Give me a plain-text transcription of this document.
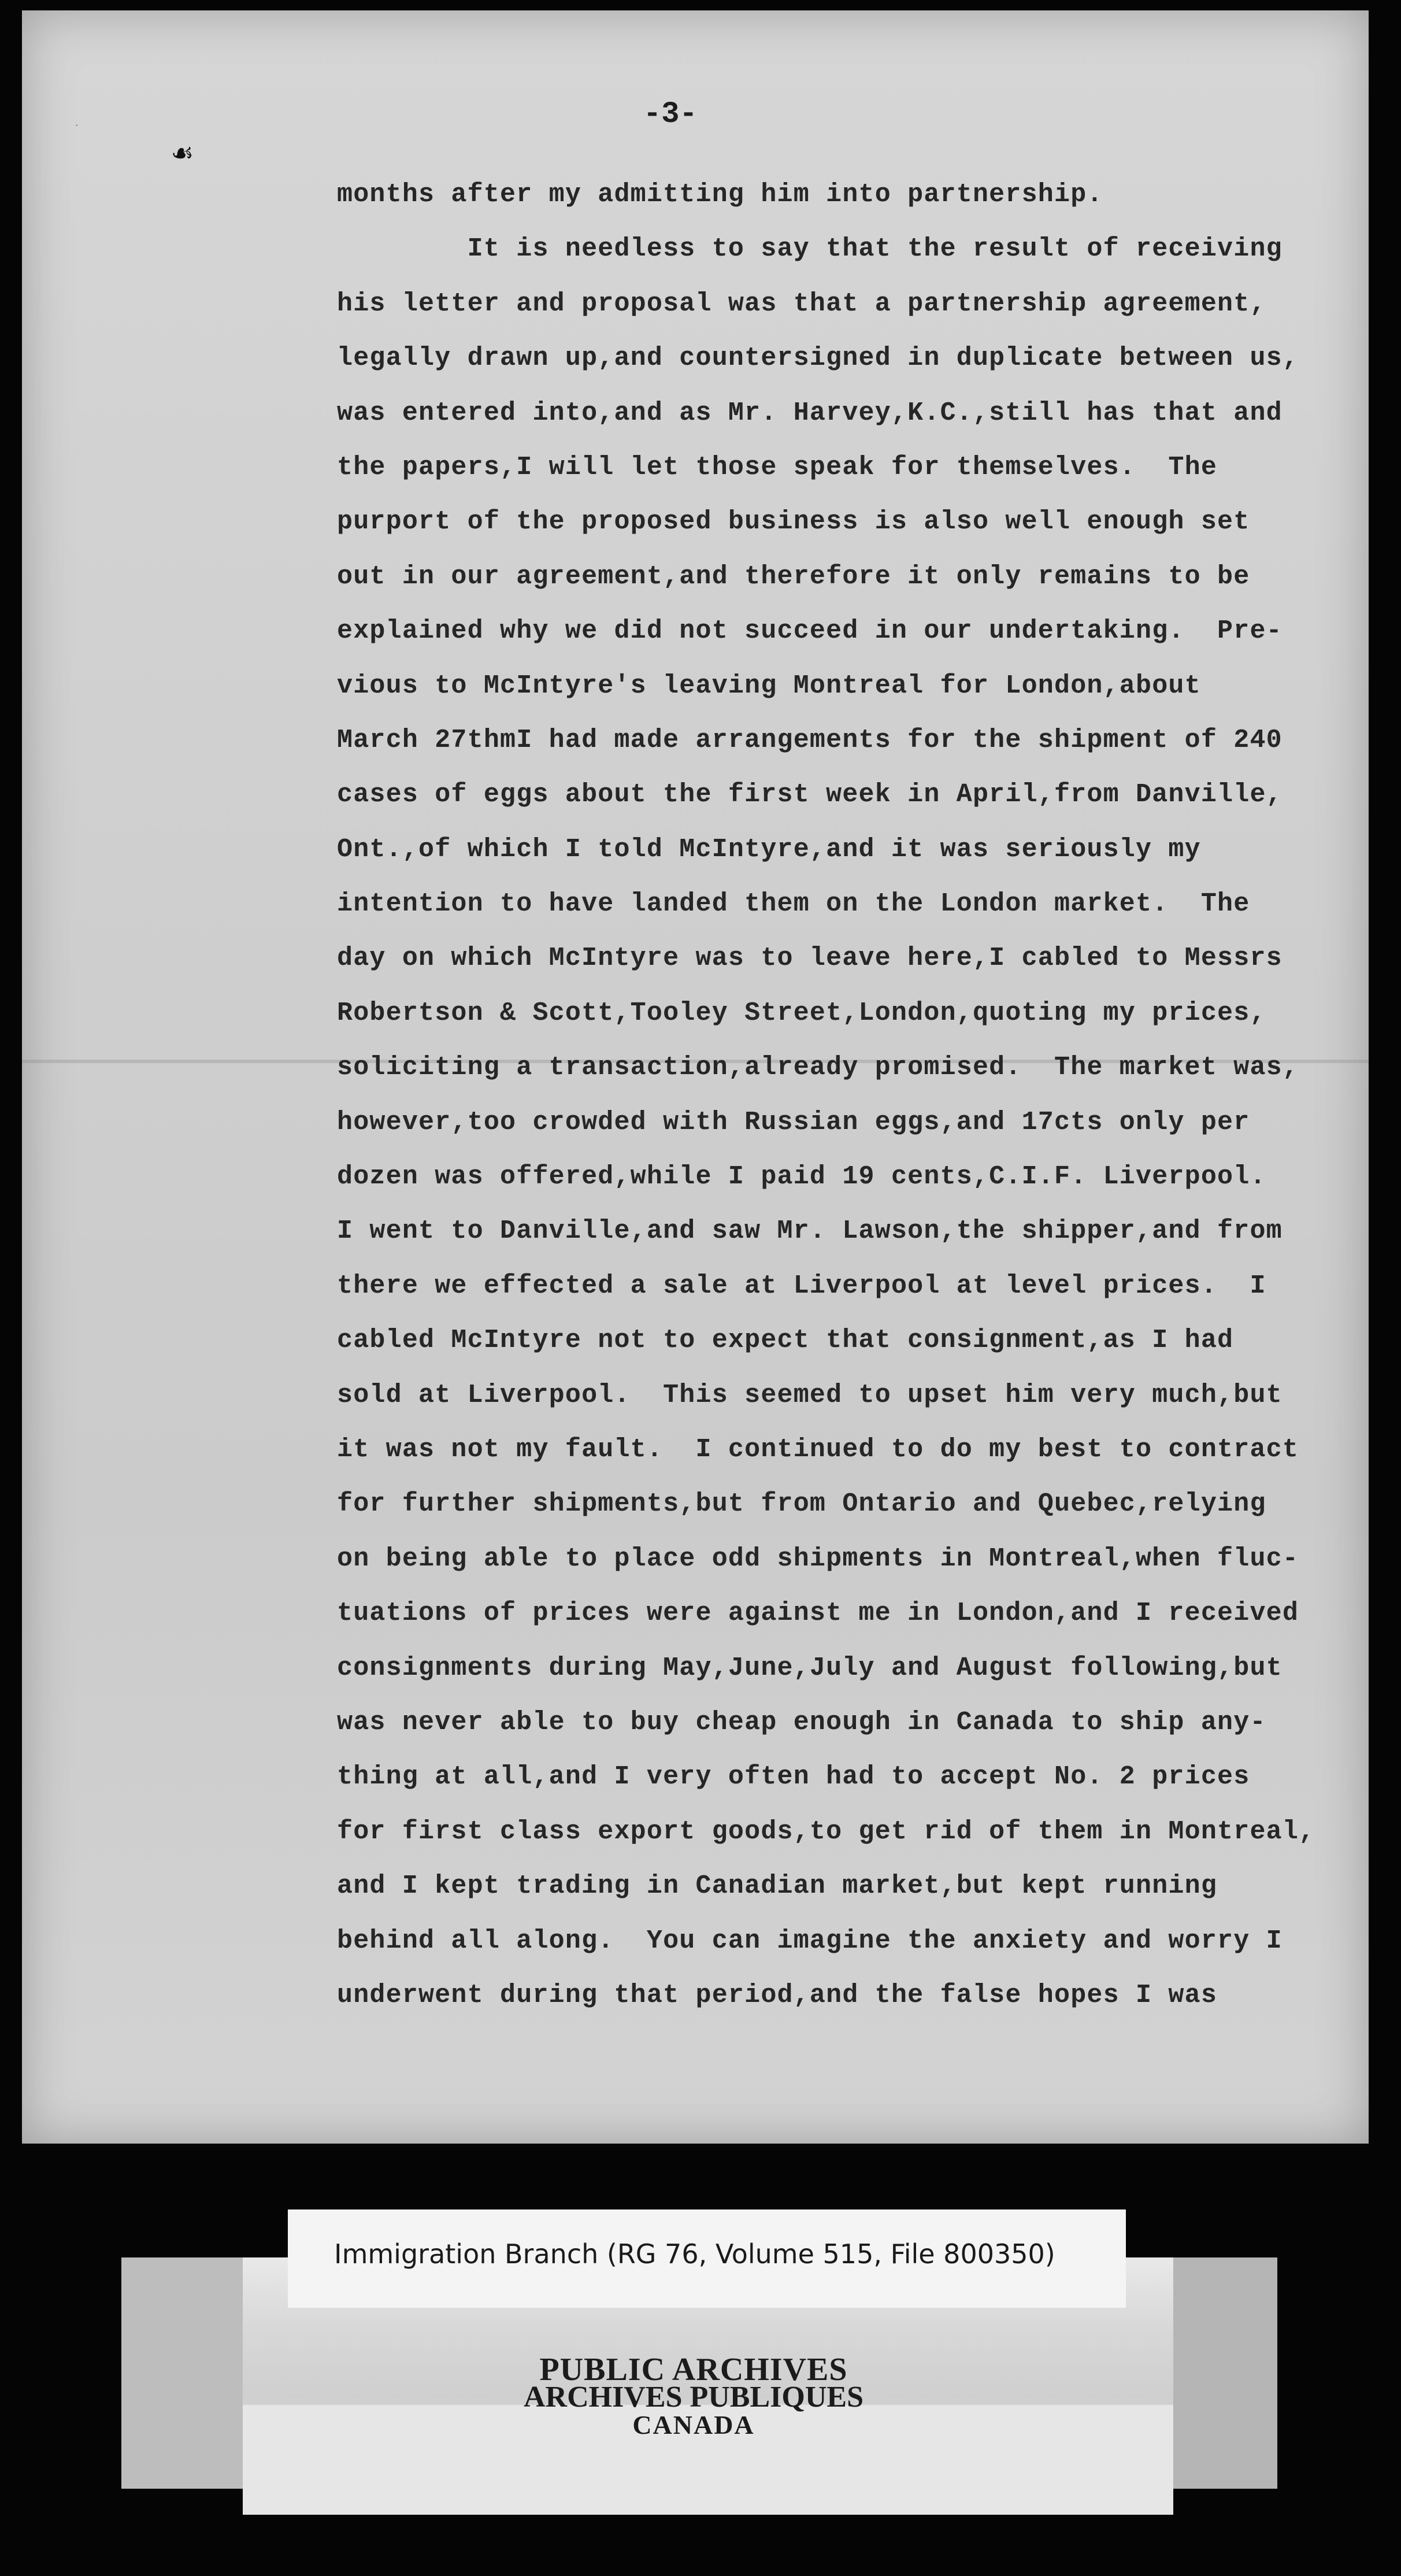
·
☙
-3-
months after my admitting him into partnership.
It is needless to say that the result of receiving
his letter and proposal was that a partnership agreement,
legally drawn up,and countersigned in duplicate between us,
was entered into,and as Mr. Harvey,K.C.,still has that and
the papers,I will let those speak for themselves.  The
purport of the proposed business is also well enough set
out in our agreement,and therefore it only remains to be
explained why we did not succeed in our undertaking.  Pre-
vious to McIntyre's leaving Montreal for London,about
March 27thmI had made arrangements for the shipment of 240
cases of eggs about the first week in April,from Danville,
Ont.,of which I told McIntyre,and it was seriously my
intention to have landed them on the London market.  The
day on which McIntyre was to leave here,I cabled to Messrs
Robertson & Scott,Tooley Street,London,quoting my prices,
soliciting a transaction,already promised.  The market was,
however,too crowded with Russian eggs,and 17cts only per
dozen was offered,while I paid 19 cents,C.I.F. Liverpool.
I went to Danville,and saw Mr. Lawson,the shipper,and from
there we effected a sale at Liverpool at level prices.  I
cabled McIntyre not to expect that consignment,as I had
sold at Liverpool.  This seemed to upset him very much,but
it was not my fault.  I continued to do my best to contract
for further shipments,but from Ontario and Quebec,relying
on being able to place odd shipments in Montreal,when fluc-
tuations of prices were against me in London,and I received
consignments during May,June,July and August following,but
was never able to buy cheap enough in Canada to ship any-
thing at all,and I very often had to accept No. 2 prices
for first class export goods,to get rid of them in Montreal,
and I kept trading in Canadian market,but kept running
behind all along.  You can imagine the anxiety and worry I
underwent during that period,and the false hopes I was
Immigration Branch (RG 76, Volume 515, File 800350)
PUBLIC ARCHIVES
ARCHIVES PUBLIQUES
CANADA
